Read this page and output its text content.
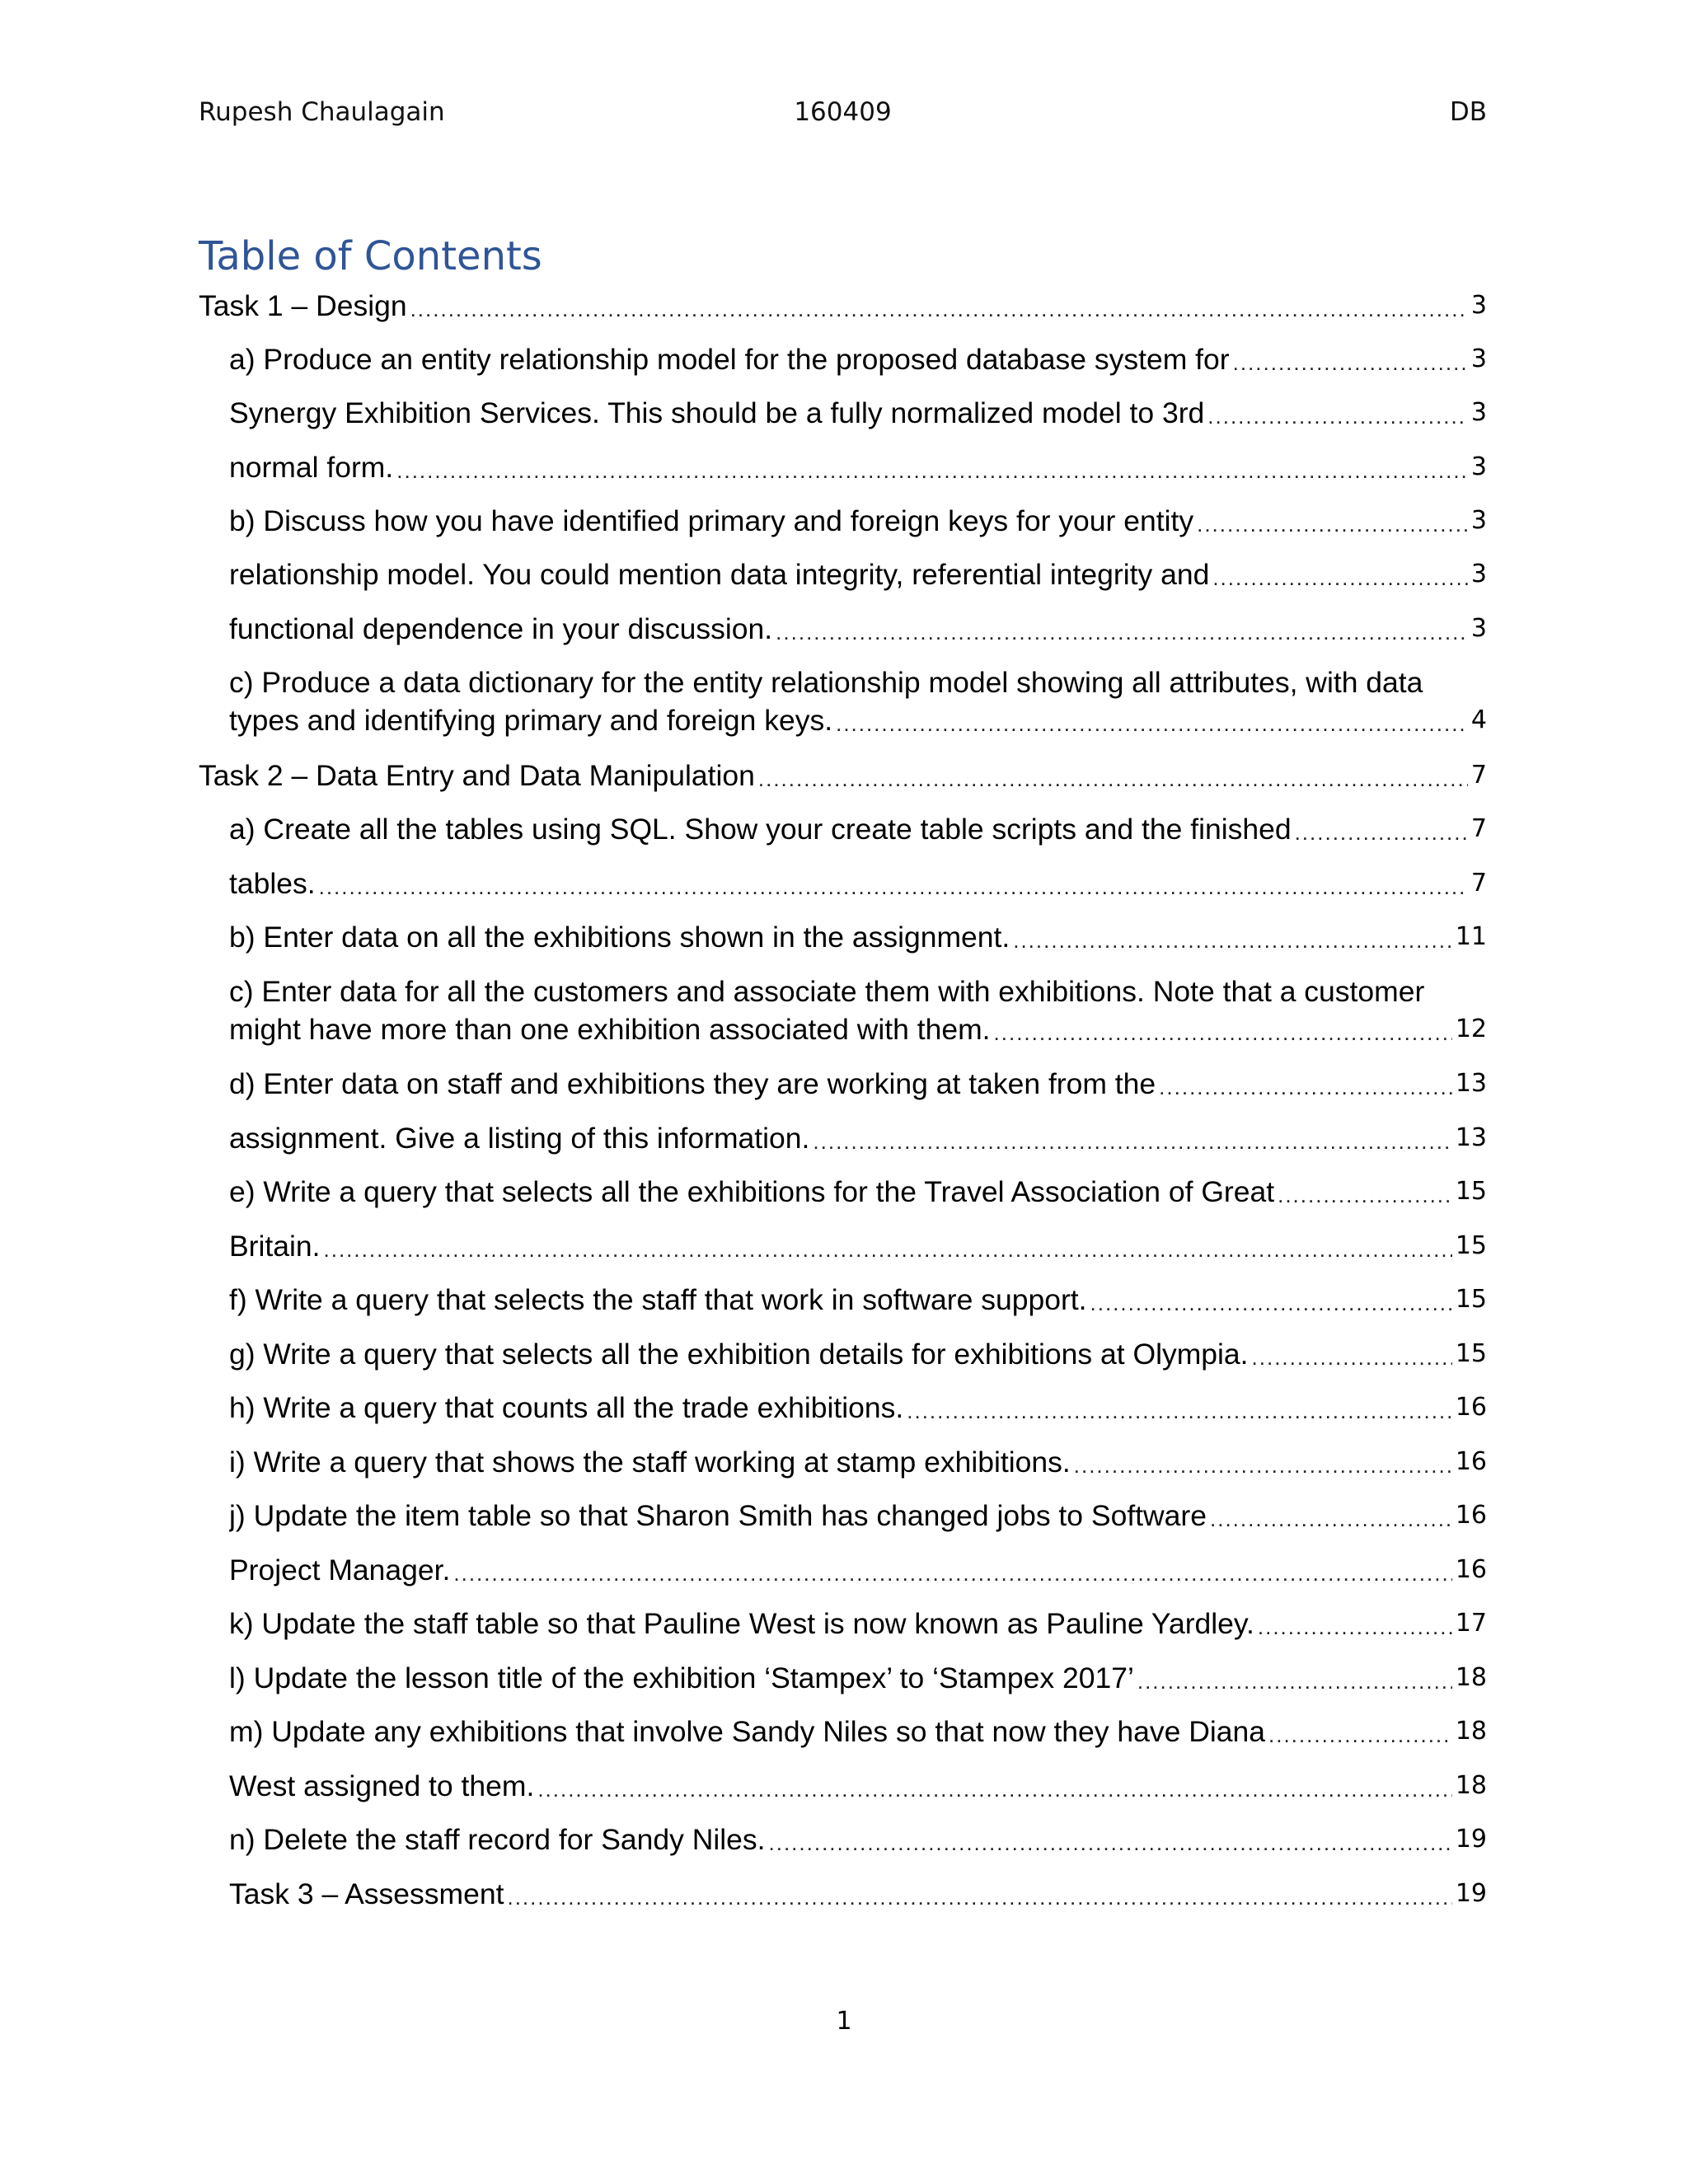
Rupesh Chaulagain	160409	DB
Table of Contents
Task 1 – Design .....	3
a) Produce an entity relationship model for the proposed database system for .....	3
Synergy Exhibition Services. This should be a fully normalized model to 3rd .....	3
normal form. .....	3
b) Discuss how you have identified primary and foreign keys for your entity .....	3
relationship model. You could mention data integrity, referential integrity and .....	3
functional dependence in your discussion. .....	3
c) Produce a data dictionary for the entity relationship model showing all attributes, with data
types and identifying primary and foreign keys. .....	4
Task 2 – Data Entry and Data Manipulation .....	7
a) Create all the tables using SQL. Show your create table scripts and the finished .....	7
tables. .....	7
b) Enter data on all the exhibitions shown in the assignment. .....	11
c) Enter data for all the customers and associate them with exhibitions. Note that a customer
might have more than one exhibition associated with them. .....	12
d) Enter data on staff and exhibitions they are working at taken from the .....	13
assignment. Give a listing of this information. .....	13
e) Write a query that selects all the exhibitions for the Travel Association of Great .....	15
Britain. .....	15
f) Write a query that selects the staff that work in software support. .....	15
g) Write a query that selects all the exhibition details for exhibitions at Olympia. .....	15
h) Write a query that counts all the trade exhibitions. .....	16
i) Write a query that shows the staff working at stamp exhibitions. .....	16
j) Update the item table so that Sharon Smith has changed jobs to Software .....	16
Project Manager. .....	16
k) Update the staff table so that Pauline West is now known as Pauline Yardley. .....	17
l) Update the lesson title of the exhibition ‘Stampex’ to ‘Stampex 2017’ .....	18
m) Update any exhibitions that involve Sandy Niles so that now they have Diana .....	18
West assigned to them. .....	18
n) Delete the staff record for Sandy Niles. .....	19
Task 3 – Assessment .....	19
1
